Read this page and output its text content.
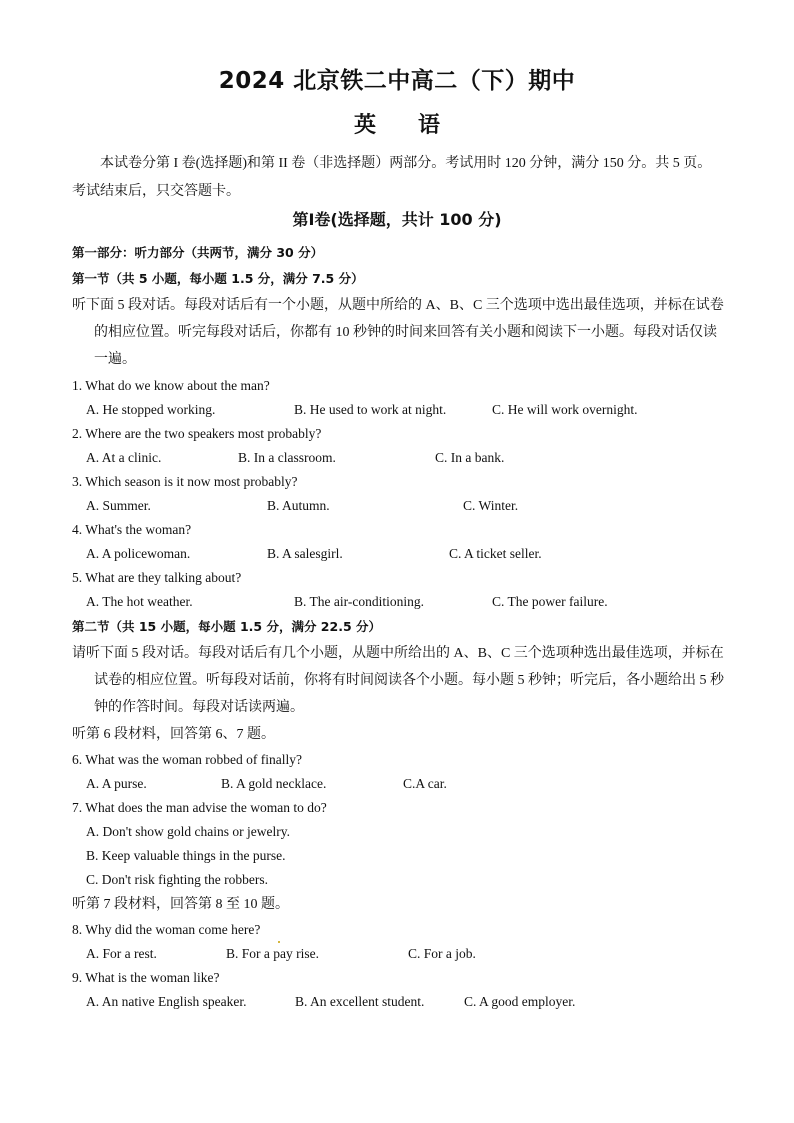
2024 北京铁二中高二（下）期中
英语
本试卷分第 I 卷(选择题)和第 II 卷（非选择题）两部分。考试用时 120 分钟，满分 150 分。共 5 页。考试结束后，只交答题卡。
第Ⅰ卷(选择题，共计 100 分)
第一部分：听力部分（共两节，满分 30 分）
第一节（共 5 小题，每小题 1.5 分，满分 7.5 分）
听下面 5 段对话。每段对话后有一个小题，从题中所给的 A、B、C 三个选项中选出最佳选项，并标在试卷的相应位置。听完每段对话后，你都有 10 秒钟的时间来回答有关小题和阅读下一小题。每段对话仅读一遍。
1. What do we know about the man?
A. He stopped working.	B. He used to work at night.	C. He will work overnight.
2. Where are the two speakers most probably?
A. At a clinic.	B. In a classroom.	C. In a bank.
3. Which season is it now most probably?
A. Summer.	B. Autumn.	C. Winter.
4. What's the woman?
A. A policewoman.	B. A salesgirl.	C. A ticket seller.
5. What are they talking about?
A. The hot weather.	B. The air-conditioning.	C. The power failure.
第二节（共 15 小题，每小题 1.5 分，满分 22.5 分）
请听下面 5 段对话。每段对话后有几个小题，从题中所给出的 A、B、C 三个选项种选出最佳选项，并标在试卷的相应位置。听每段对话前，你将有时间阅读各个小题。每小题 5 秒钟；听完后，各小题给出 5 秒钟的作答时间。每段对话读两遍。
听第 6 段材料，回答第 6、7 题。
6. What was the woman robbed of finally?
A. A purse.	B. A gold necklace.	C.A car.
7. What does the man advise the woman to do?
A. Don't show gold chains or jewelry.
B. Keep valuable things in the purse.
C. Don't risk fighting the robbers.
听第 7 段材料，回答第 8 至 10 题。
8. Why did the woman come here?
A. For a rest.	B. For a pay rise.	C. For a job.
9. What is the woman like?
A. An native English speaker.	B. An excellent student.	C. A good employer.
